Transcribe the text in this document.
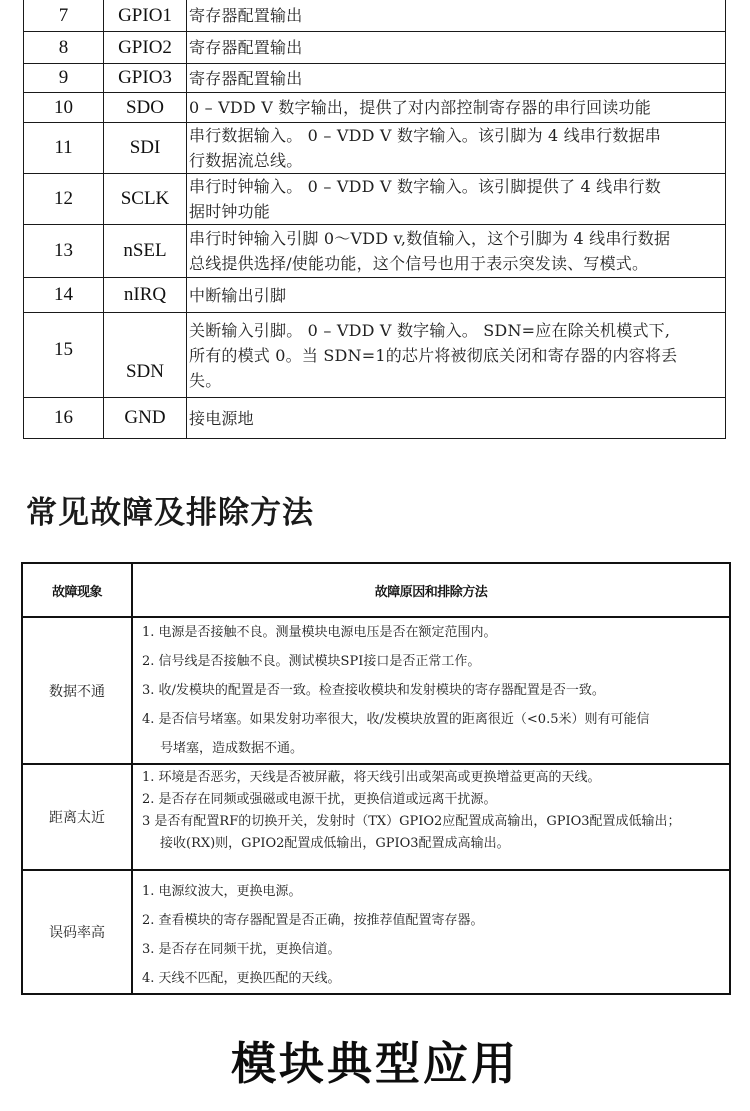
7	GPIO1	寄存器配置输出

8	GPIO2	寄存器配置输出

9	GPIO3	寄存器配置输出

10	SDO	0 – VDD V 数字输出，提供了对内部控制寄存器的串行回读功能

11	SDI	串行数据输入。 0 – VDD V 数字输入。该引脚为 4 线串行数据串
行数据流总线。

12	SCLK	串行时钟输入。 0 – VDD V 数字输入。该引脚提供了 4 线串行数
据时钟功能

13	nSEL	串行时钟输入引脚 0～VDD v,数值输入，这个引脚为 4 线串行数据
总线提供选择/使能功能，这个信号也用于表示突发读、写模式。

14	nIRQ	中断输出引脚

15	SDN	关断输入引脚。 0 – VDD V 数字输入。 SDN=应在除关机模式下,
所有的模式 0。当 SDN=1的芯片将被彻底关闭和寄存器的内容将丢
失。

16	GND	接电源地
常见故障及排除方法
故障现象	故障原因和排除方法
数据不通	1. 电源是否接触不良。测量模块电源电压是否在额定范围内。
2. 信号线是否接触不良。测试模块SPI接口是否正常工作。
3. 收/发模块的配置是否一致。检查接收模块和发射模块的寄存器配置是否一致。
4. 是否信号堵塞。如果发射功率很大，收/发模块放置的距离很近（<0.5米）则有可能信
号堵塞，造成数据不通。

距离太近	1. 环境是否恶劣，天线是否被屏蔽，将天线引出或架高或更换增益更高的天线。
2. 是否存在同频或强磁或电源干扰，更换信道或远离干扰源。
3 是否有配置RF的切换开关，发射时（TX）GPIO2应配置成高输出，GPIO3配置成低输出；
接收(RX)则，GPIO2配置成低输出，GPIO3配置成高输出。

误码率高	1. 电源纹波大，更换电源。
2. 查看模块的寄存器配置是否正确，按推荐值配置寄存器。
3. 是否存在同频干扰，更换信道。
4. 天线不匹配，更换匹配的天线。
模块典型应用
